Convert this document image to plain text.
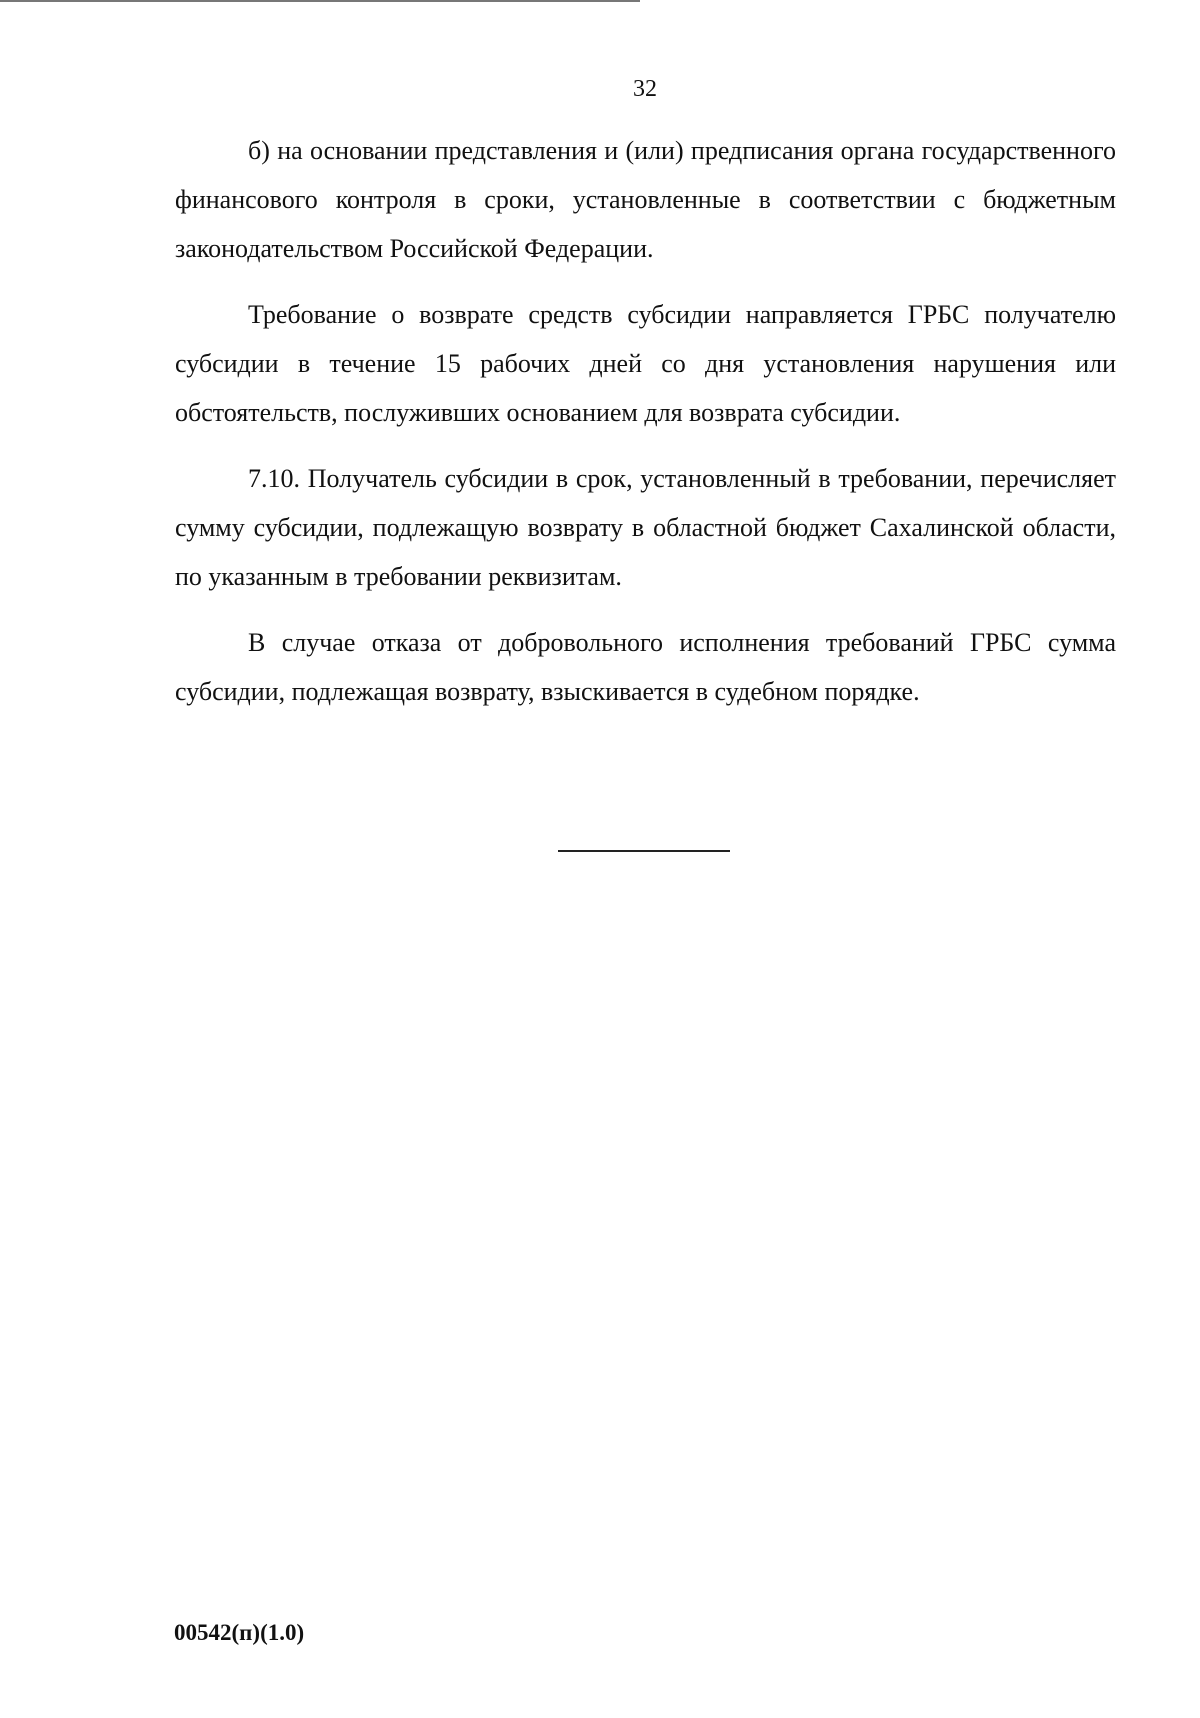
32

б) на основании представления и (или) предписания органа государственного финансового контроля в сроки, установленные в соответствии с бюджетным законодательством Российской Федерации.

Требование о возврате средств субсидии направляется ГРБС получателю субсидии в течение 15 рабочих дней со дня установления нарушения или обстоятельств, послуживших основанием для возврата субсидии.

7.10. Получатель субсидии в срок, установленный в требовании, перечисляет сумму субсидии, подлежащую возврату в областной бюджет Сахалинской области, по указанным в требовании реквизитам.

В случае отказа от добровольного исполнения требований ГРБС сумма субсидии, подлежащая возврату, взыскивается в судебном порядке.

00542(п)(1.0)
